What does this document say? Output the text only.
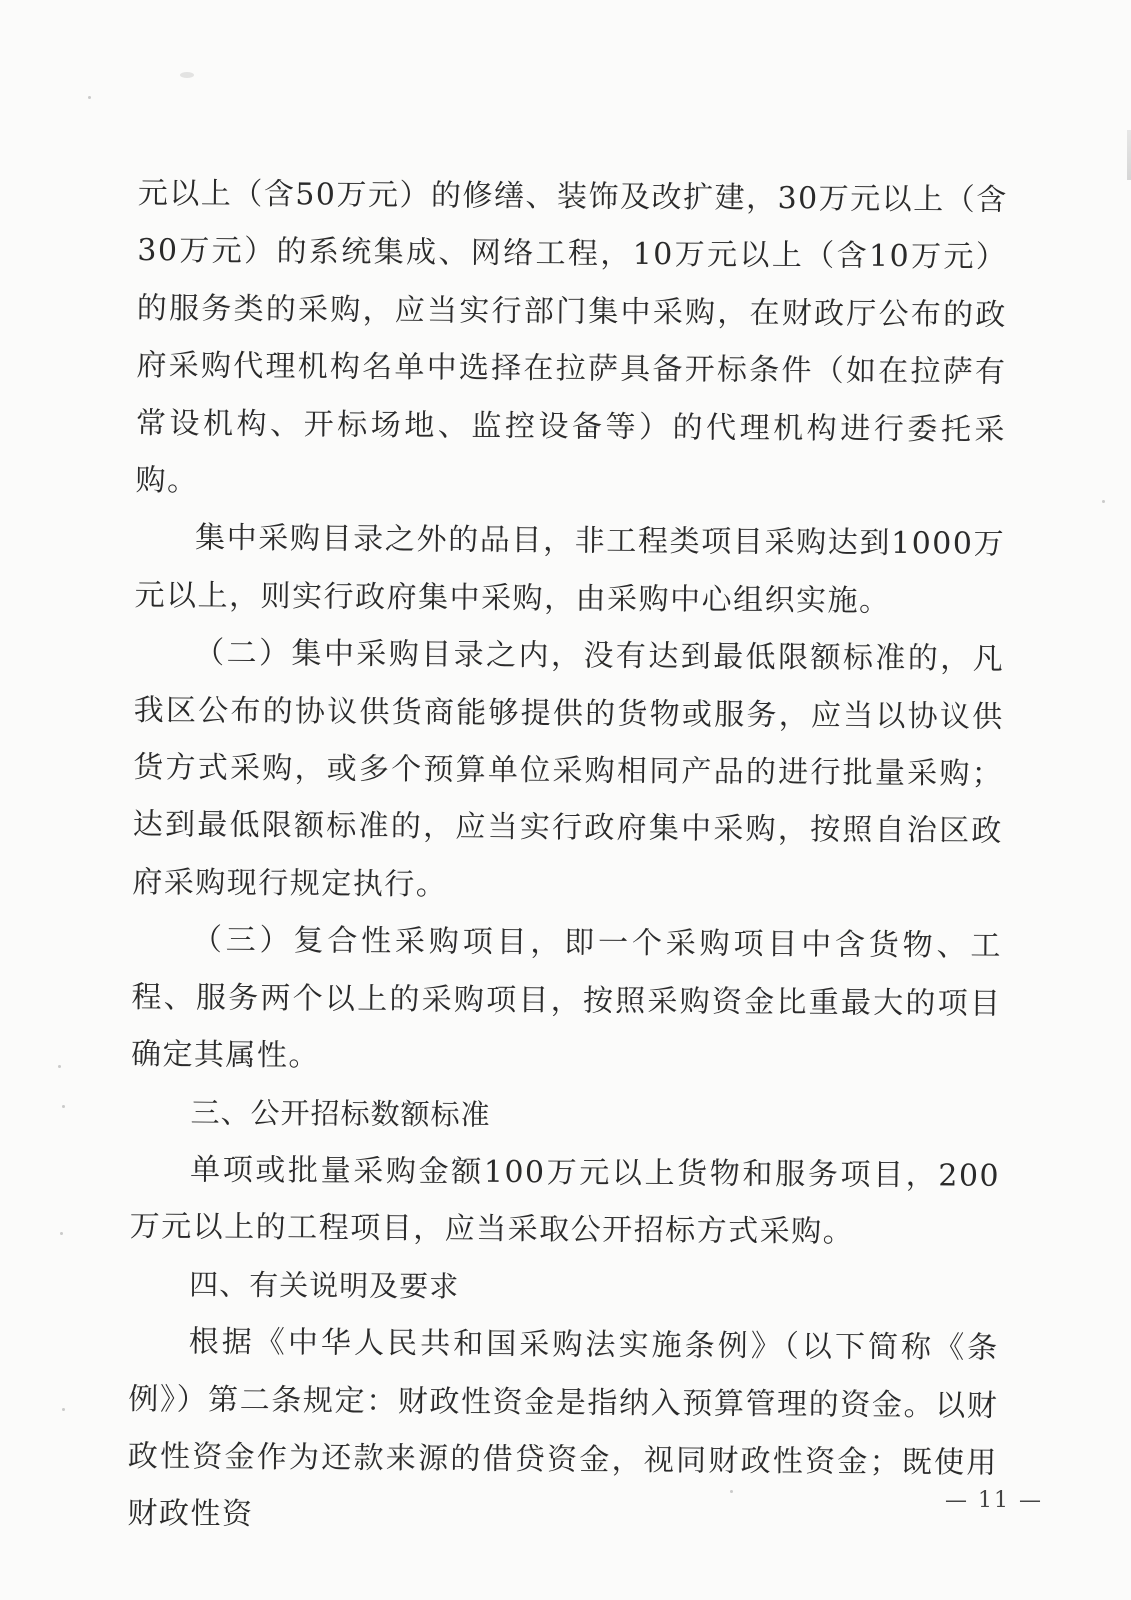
元以上（含50万元）的修缮、装饰及改扩建，30万元以上（含30万元）的系统集成、网络工程，10万元以上（含10万元）的服务类的采购，应当实行部门集中采购，在财政厅公布的政府采购代理机构名单中选择在拉萨具备开标条件（如在拉萨有常设机构、开标场地、监控设备等）的代理机构进行委托采购。

集中采购目录之外的品目，非工程类项目采购达到1000万元以上，则实行政府集中采购，由采购中心组织实施。

（二）集中采购目录之内，没有达到最低限额标准的，凡我区公布的协议供货商能够提供的货物或服务，应当以协议供货方式采购，或多个预算单位采购相同产品的进行批量采购；达到最低限额标准的，应当实行政府集中采购，按照自治区政府采购现行规定执行。

（三）复合性采购项目，即一个采购项目中含货物、工程、服务两个以上的采购项目，按照采购资金比重最大的项目确定其属性。

三、公开招标数额标准

单项或批量采购金额100万元以上货物和服务项目，200万元以上的工程项目，应当采取公开招标方式采购。

四、有关说明及要求

根据《中华人民共和国采购法实施条例》（以下简称《条例》）第二条规定：财政性资金是指纳入预算管理的资金。以财政性资金作为还款来源的借贷资金，视同财政性资金；既使用财政性资	— 11 —
